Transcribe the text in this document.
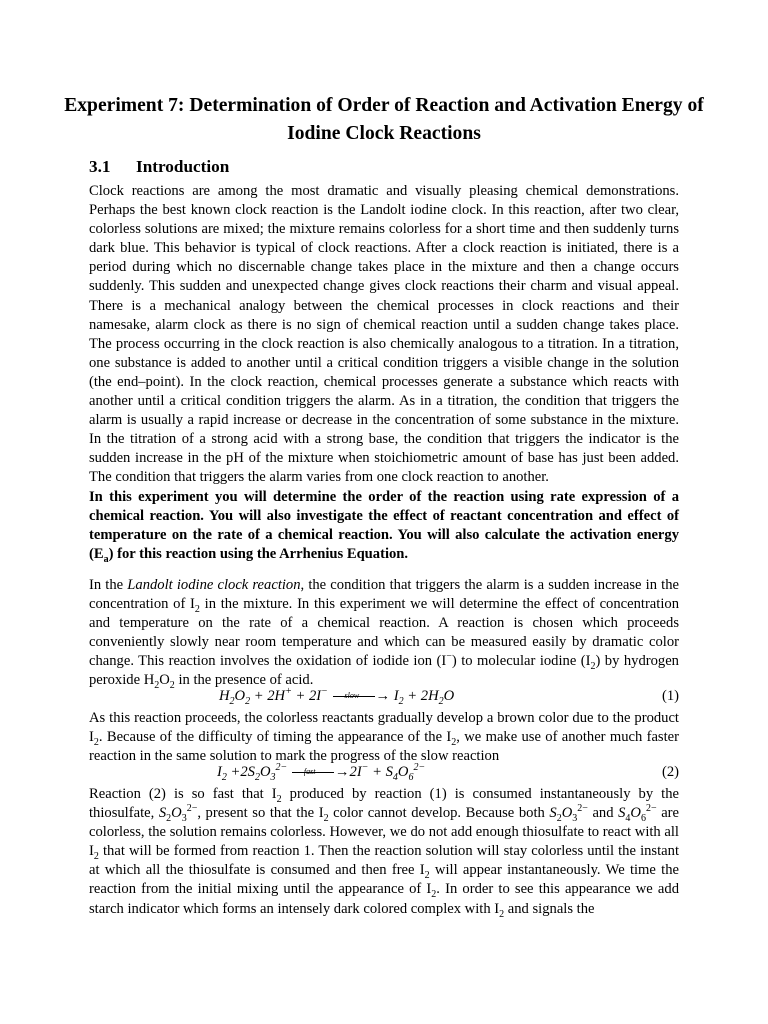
Experiment 7: Determination of Order of Reaction and Activation Energy of Iodine Clock Reactions
3.1 Introduction
Clock reactions are among the most dramatic and visually pleasing chemical demonstrations. Perhaps the best known clock reaction is the Landolt iodine clock. In this reaction, after two clear, colorless solutions are mixed; the mixture remains colorless for a short time and then suddenly turns dark blue. This behavior is typical of clock reactions. After a clock reaction is initiated, there is a period during which no discernable change takes place in the mixture and then a change occurs suddenly. This sudden and unexpected change gives clock reactions their charm and visual appeal. There is a mechanical analogy between the chemical processes in clock reactions and their namesake, alarm clock as there is no sign of chemical reaction until a sudden change takes place. The process occurring in the clock reaction is also chemically analogous to a titration. In a titration, one substance is added to another until a critical condition triggers a visible change in the solution (the end–point). In the clock reaction, chemical processes generate a substance which reacts with another until a critical condition triggers the alarm. As in a titration, the condition that triggers the alarm is usually a rapid increase or decrease in the concentration of some substance in the mixture. In the titration of a strong acid with a strong base, the condition that triggers the indicator is the sudden increase in the pH of the mixture when stoichiometric amount of base has just been added. The condition that triggers the alarm varies from one clock reaction to another.
In this experiment you will determine the order of the reaction using rate expression of a chemical reaction. You will also investigate the effect of reactant concentration and effect of temperature on the rate of a chemical reaction. You will also calculate the activation energy $(E_a)$ for this reaction using the Arrhenius Equation.
In the Landolt iodine clock reaction, the condition that triggers the alarm is a sudden increase in the concentration of $I_2$ in the mixture. In this experiment we will determine the effect of concentration and temperature on the rate of a chemical reaction. A reaction is chosen which proceeds conveniently slowly near room temperature and which can be measured easily by dramatic color change. This reaction involves the oxidation of iodide ion (I−) to molecular iodine $(I_2)$ by hydrogen peroxide $H_2O_2$ in the presence of acid.
$H_2O_2 + 2H^+ + 2I^-$ slow → $I_2 + 2H_2O$	(1)
As this reaction proceeds, the colorless reactants gradually develop a brown color due to the product $I_2$. Because of the difficulty of timing the appearance of the $I_2$, we make use of another much faster reaction in the same solution to mark the progress of the slow reaction
$I_2 +2S_2O_3^{2-}$ fast $\to 2I^- + S_4O_6^{2-}$	(2)
Reaction (2) is so fast that $I_2$ produced by reaction (1) is consumed instantaneously by the thiosulfate, $S_2O_3^{2-}$, present so that the $I_2$ color cannot develop. Because both $S_2O_3^{2-}$ and $S_4O_6^{2-}$ are colorless, the solution remains colorless. However, we do not add enough thiosulfate to react with all $I_2$ that will be formed from reaction 1. Then the reaction solution will stay colorless until the instant at which all the thiosulfate is consumed and then free $I_2$ will appear instantaneously. We time the reaction from the initial mixing until the appearance of $I_2$. In order to see this appearance we add starch indicator which forms an intensely dark colored complex with $I_2$ and signals the
